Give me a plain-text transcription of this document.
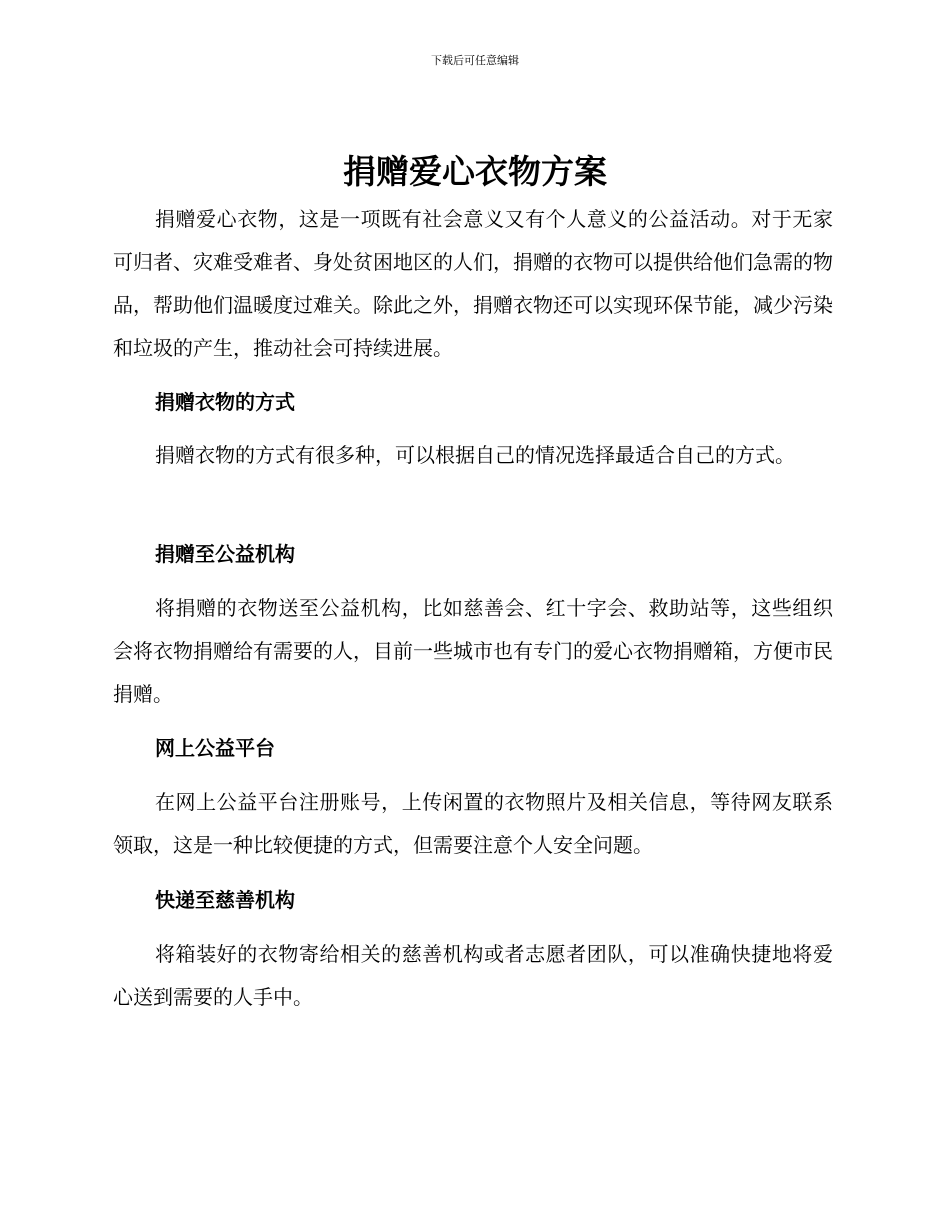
下载后可任意编辑
捐赠爱心衣物方案

捐赠爱心衣物，这是一项既有社会意义又有个人意义的公益活动。对于无家可归者、灾难受难者、身处贫困地区的人们，捐赠的衣物可以提供给他们急需的物品，帮助他们温暖度过难关。除此之外，捐赠衣物还可以实现环保节能，减少污染和垃圾的产生，推动社会可持续进展。

捐赠衣物的方式

捐赠衣物的方式有很多种，可以根据自己的情况选择最适合自己的方式。

捐赠至公益机构

将捐赠的衣物送至公益机构，比如慈善会、红十字会、救助站等，这些组织会将衣物捐赠给有需要的人，目前一些城市也有专门的爱心衣物捐赠箱，方便市民捐赠。

网上公益平台

在网上公益平台注册账号，上传闲置的衣物照片及相关信息，等待网友联系领取，这是一种比较便捷的方式，但需要注意个人安全问题。

快递至慈善机构

将箱装好的衣物寄给相关的慈善机构或者志愿者团队，可以准确快捷地将爱心送到需要的人手中。
